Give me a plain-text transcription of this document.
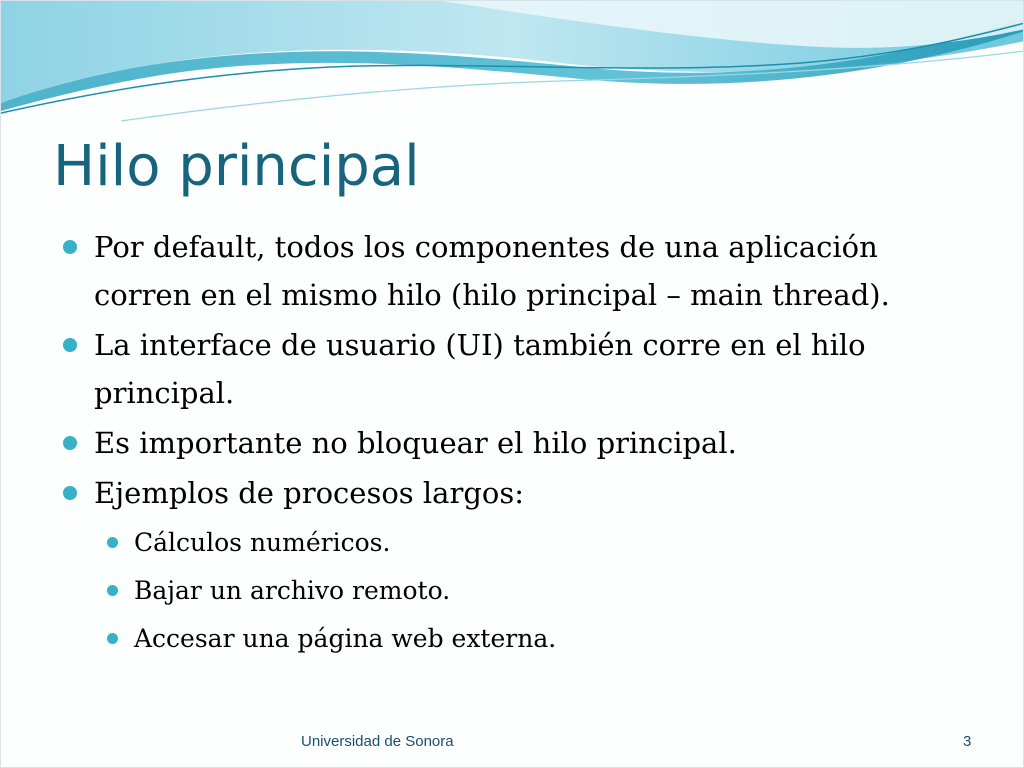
Hilo principal
Por default, todos los componentes de una aplicación corren en el mismo hilo (hilo principal – main thread).
La interface de usuario (UI) también corre en el hilo principal.
Es importante no bloquear el hilo principal.
Ejemplos de procesos largos:
Cálculos numéricos.
Bajar un archivo remoto.
Accesar una página web externa.
Universidad de Sonora	3
